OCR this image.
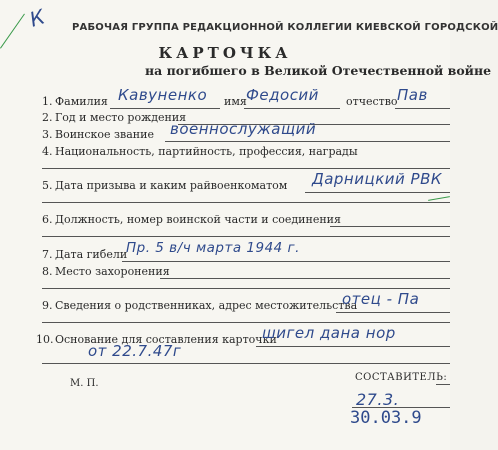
К РАБОЧАЯ ГРУППА РЕДАКЦИОННОЙ КОЛЛЕГИИ КИЕВСКОЙ ГОРОДСКОЙ
КАРТОЧКА
на погибшего в Великой Отечественной войне
1. Фамилия Кавуненко имя Федосий отчество Пав
2. Год и место рождения
3. Воинское звание военнослужащий
4. Национальность, партийность, профессия, награды
5. Дата призыва и каким райвоенкоматом Дарницкий РВК
6. Должность, номер воинской части и соединения
7. Дата гибели
Пр. 5 в/ч марта 1944 г.
8. Место захоронения
9. Сведения о родственниках, адрес местожительства
отец - Па
10. Основание для составления карточки
шигел дана нор
от 22.7.47г
М. П.
СОСТАВИТЕЛЬ:
27.3.
30.03.9
